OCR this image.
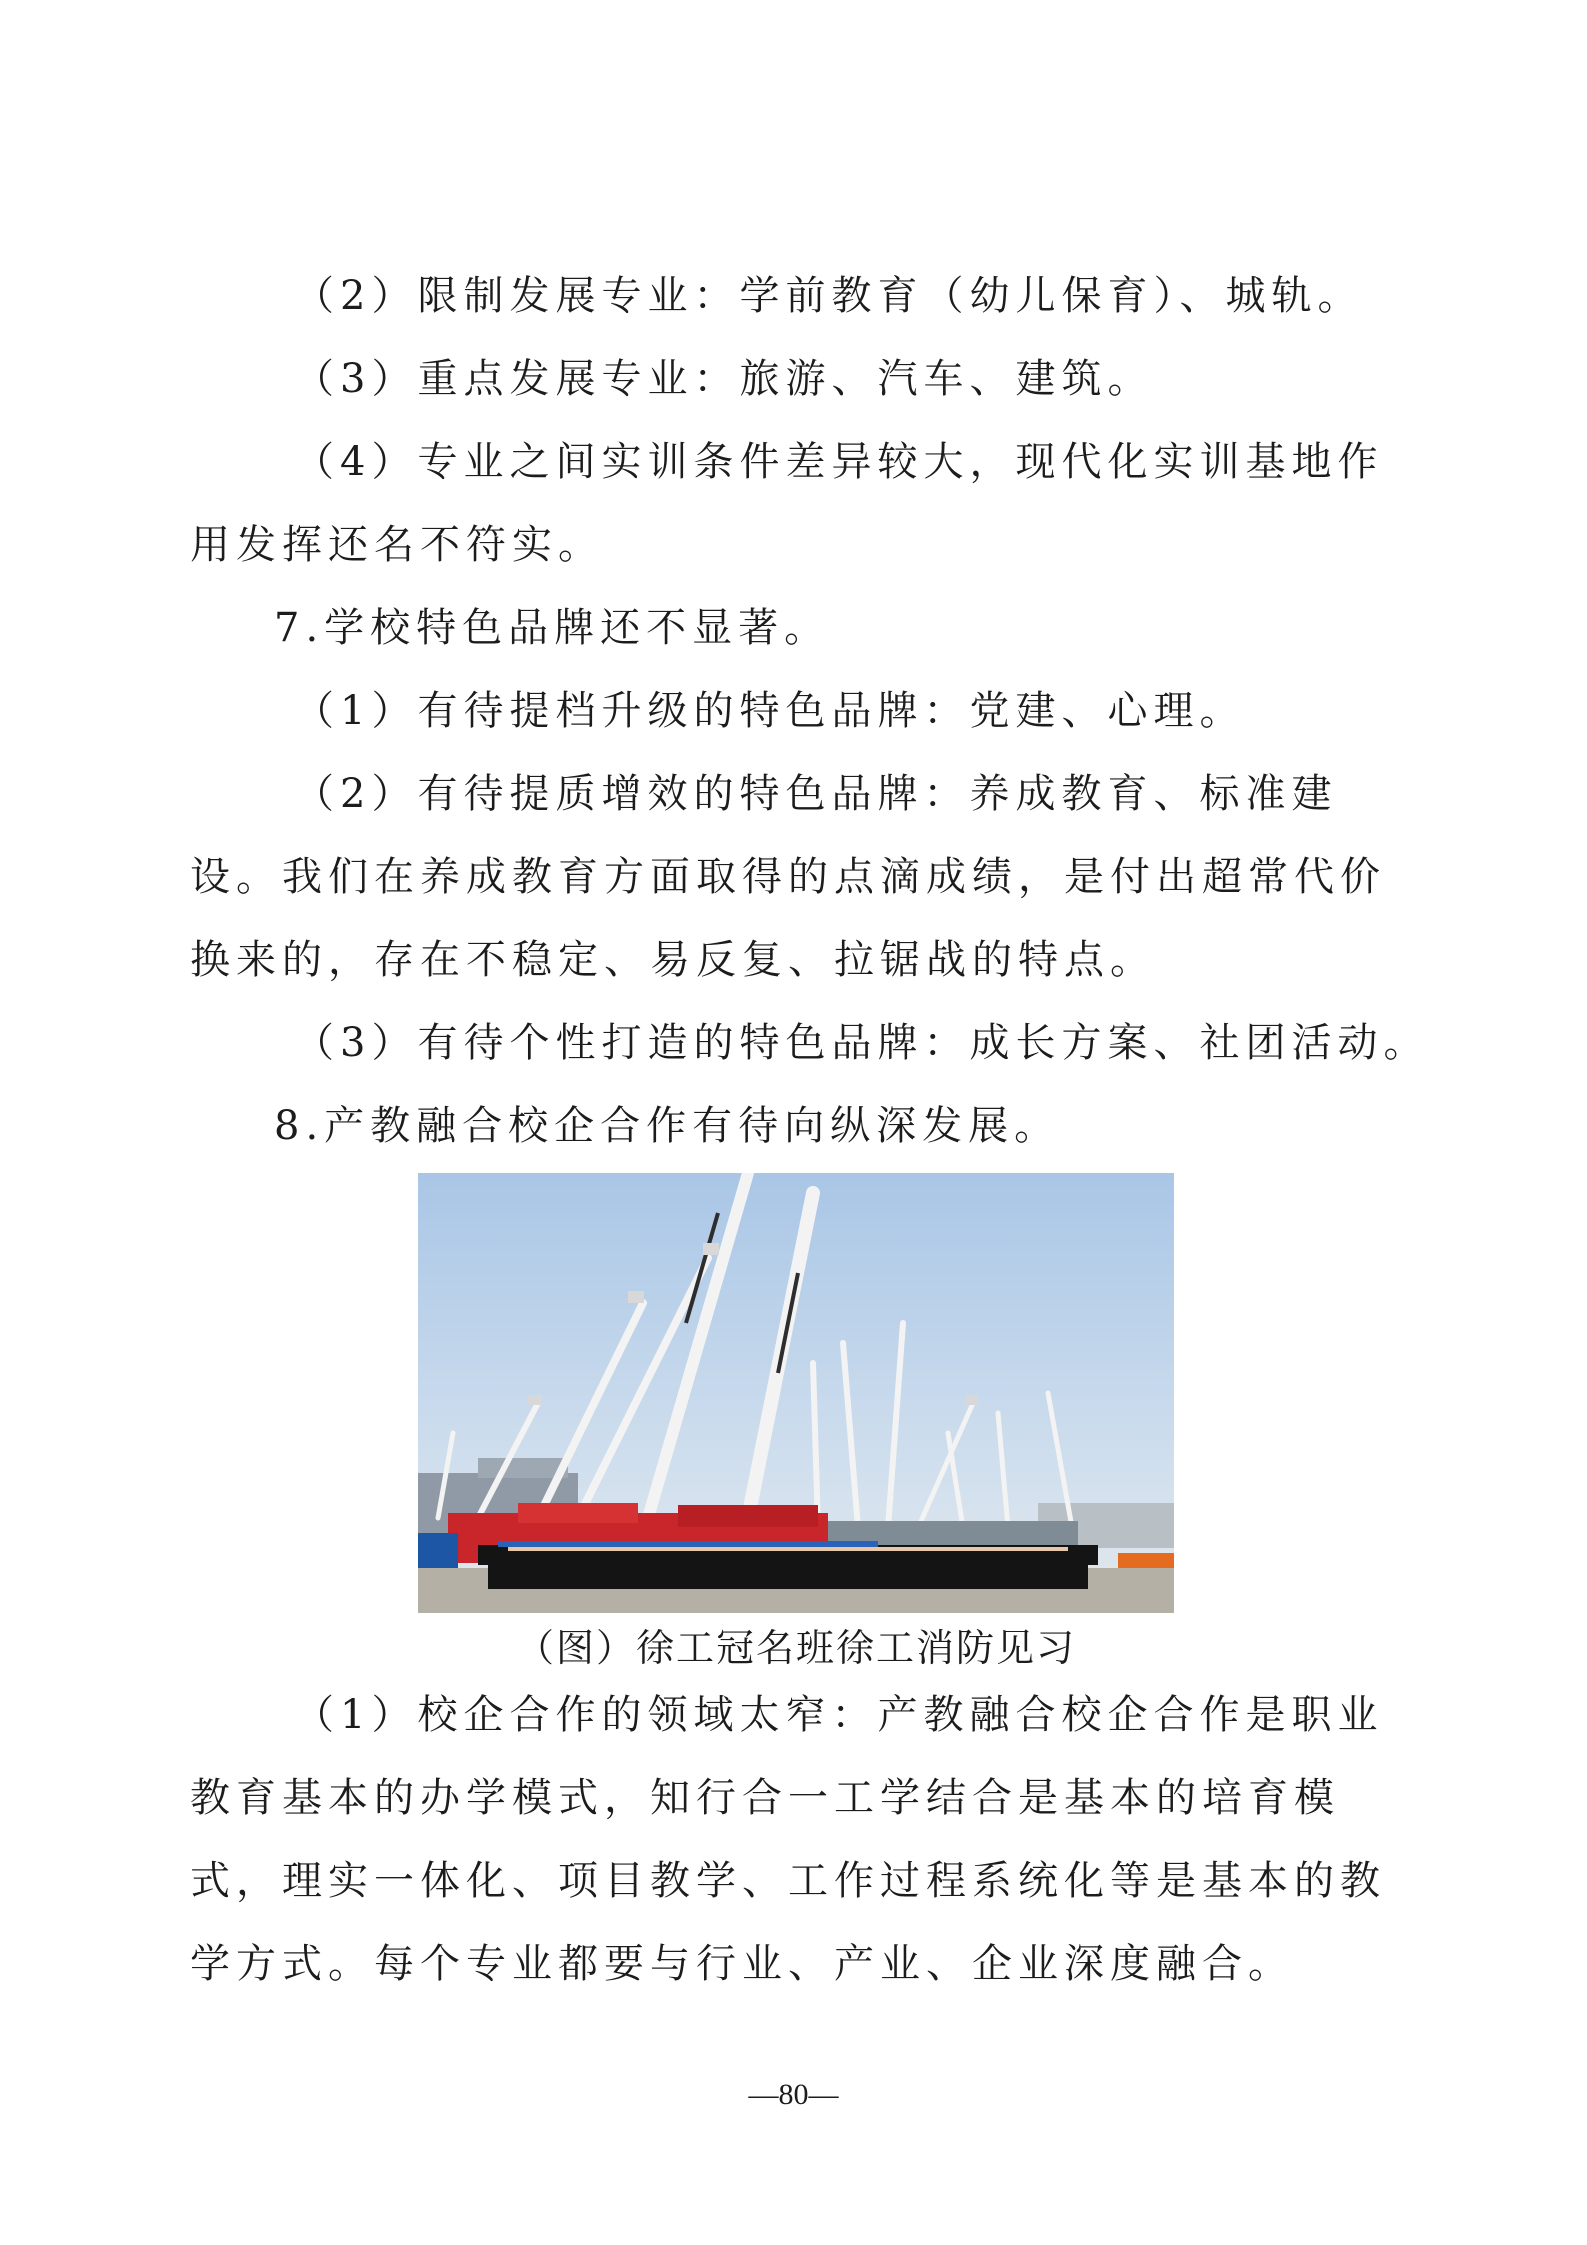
（2）限制发展专业：学前教育（幼儿保育）、城轨。
（3）重点发展专业：旅游、汽车、建筑。
（4）专业之间实训条件差异较大，现代化实训基地作用发挥还名不符实。
7.学校特色品牌还不显著。
（1）有待提档升级的特色品牌：党建、心理。
（2）有待提质增效的特色品牌：养成教育、标准建设。我们在养成教育方面取得的点滴成绩，是付出超常代价换来的，存在不稳定、易反复、拉锯战的特点。
（3）有待个性打造的特色品牌：成长方案、社团活动。
8.产教融合校企合作有待向纵深发展。
（图）徐工冠名班徐工消防见习
（1）校企合作的领域太窄：产教融合校企合作是职业教育基本的办学模式，知行合一工学结合是基本的培育模式，理实一体化、项目教学、工作过程系统化等是基本的教学方式。每个专业都要与行业、产业、企业深度融合。
—80—
